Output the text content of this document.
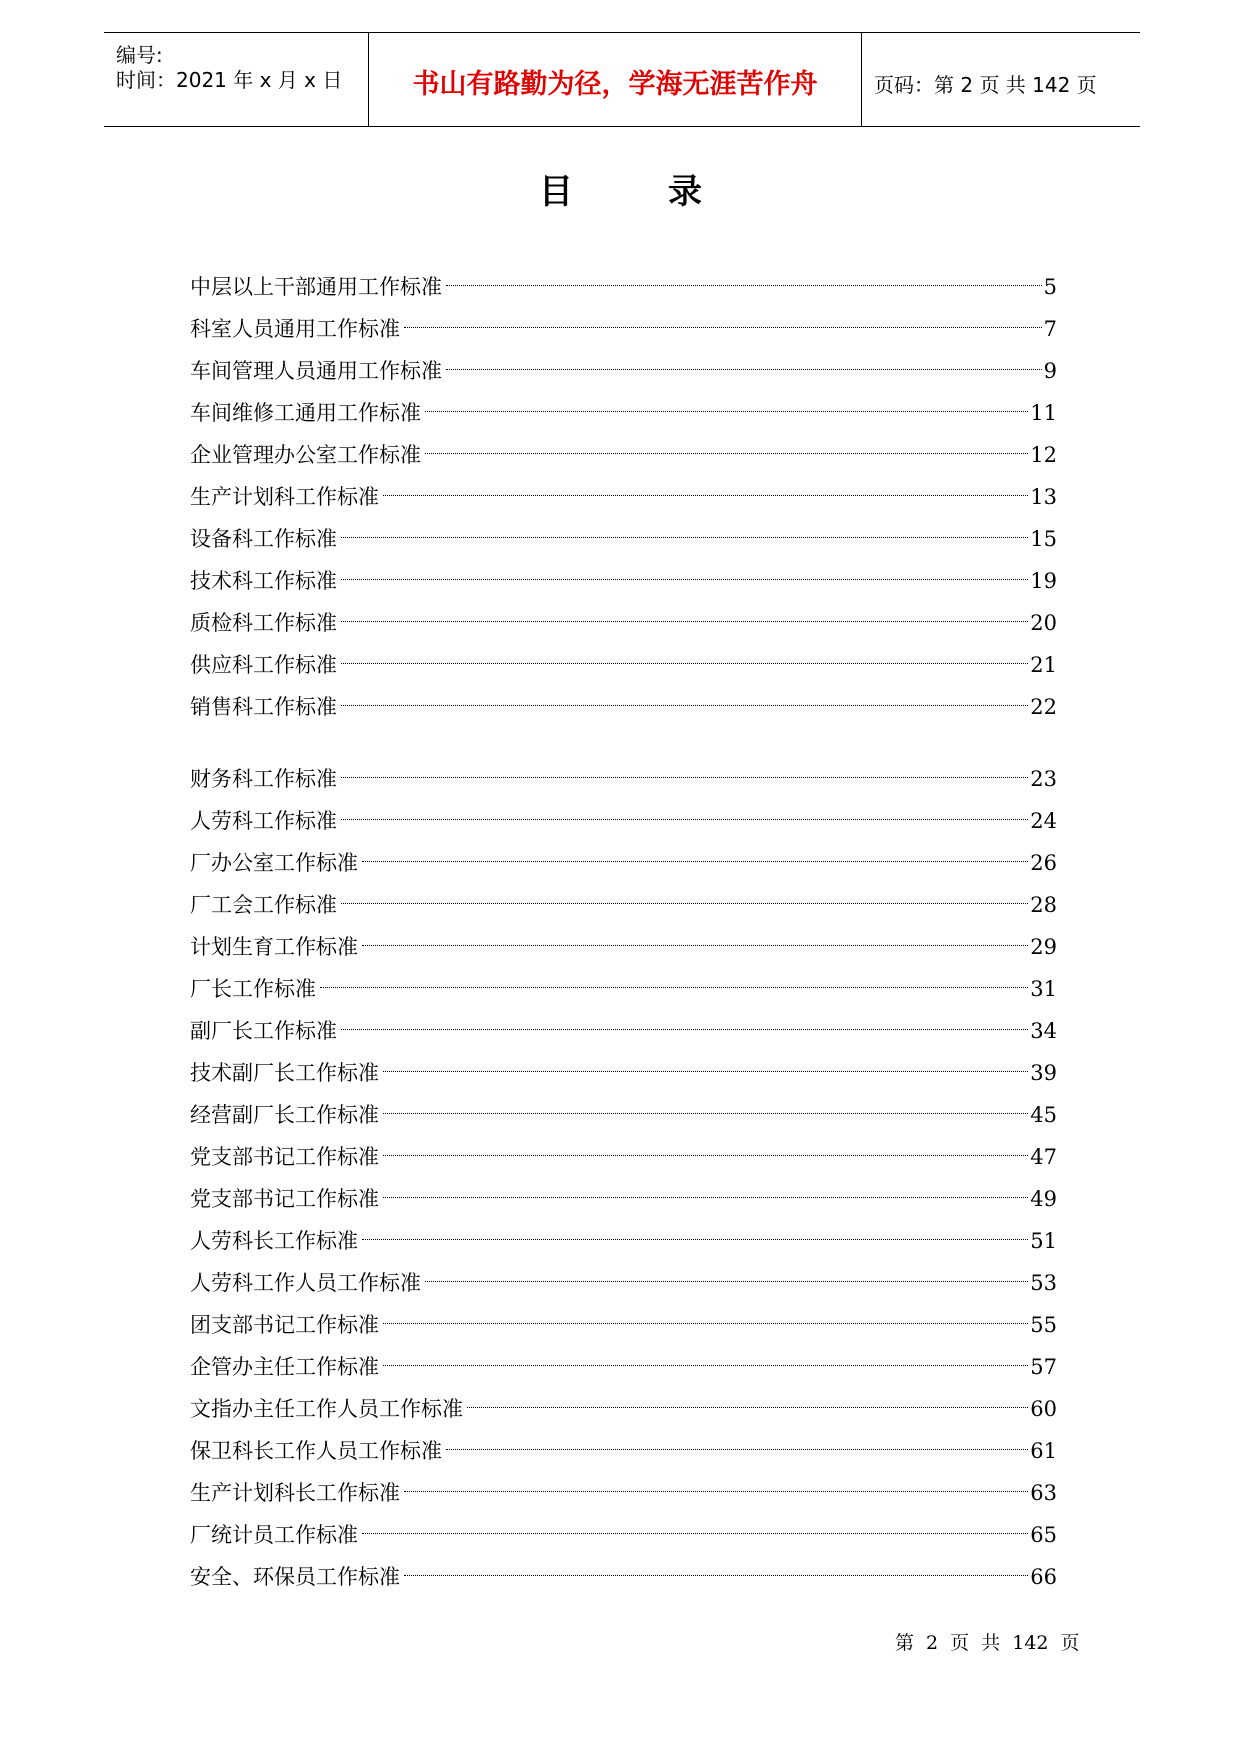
编号:
时间：2021 年 x 月 x 日	书山有路勤为径，学海无涯苦作舟	页码：第 2 页 共 142 页
目录
中层以上干部通用工作标准	5
科室人员通用工作标准	7
车间管理人员通用工作标准	9
车间维修工通用工作标准	11
企业管理办公室工作标准	12
生产计划科工作标准	13
设备科工作标准	15
技术科工作标准	19
质检科工作标准	20
供应科工作标准	21
销售科工作标准	22
财务科工作标准	23
人劳科工作标准	24
厂办公室工作标准	26
厂工会工作标准	28
计划生育工作标准	29
厂长工作标准	31
副厂长工作标准	34
技术副厂长工作标准	39
经营副厂长工作标准	45
党支部书记工作标准	47
党支部书记工作标准	49
人劳科长工作标准	51
人劳科工作人员工作标准	53
团支部书记工作标准	55
企管办主任工作标准	57
文指办主任工作人员工作标准	60
保卫科长工作人员工作标准	61
生产计划科长工作标准	63
厂统计员工作标准	65
安全、环保员工作标准	66
第 2 页 共 142 页
